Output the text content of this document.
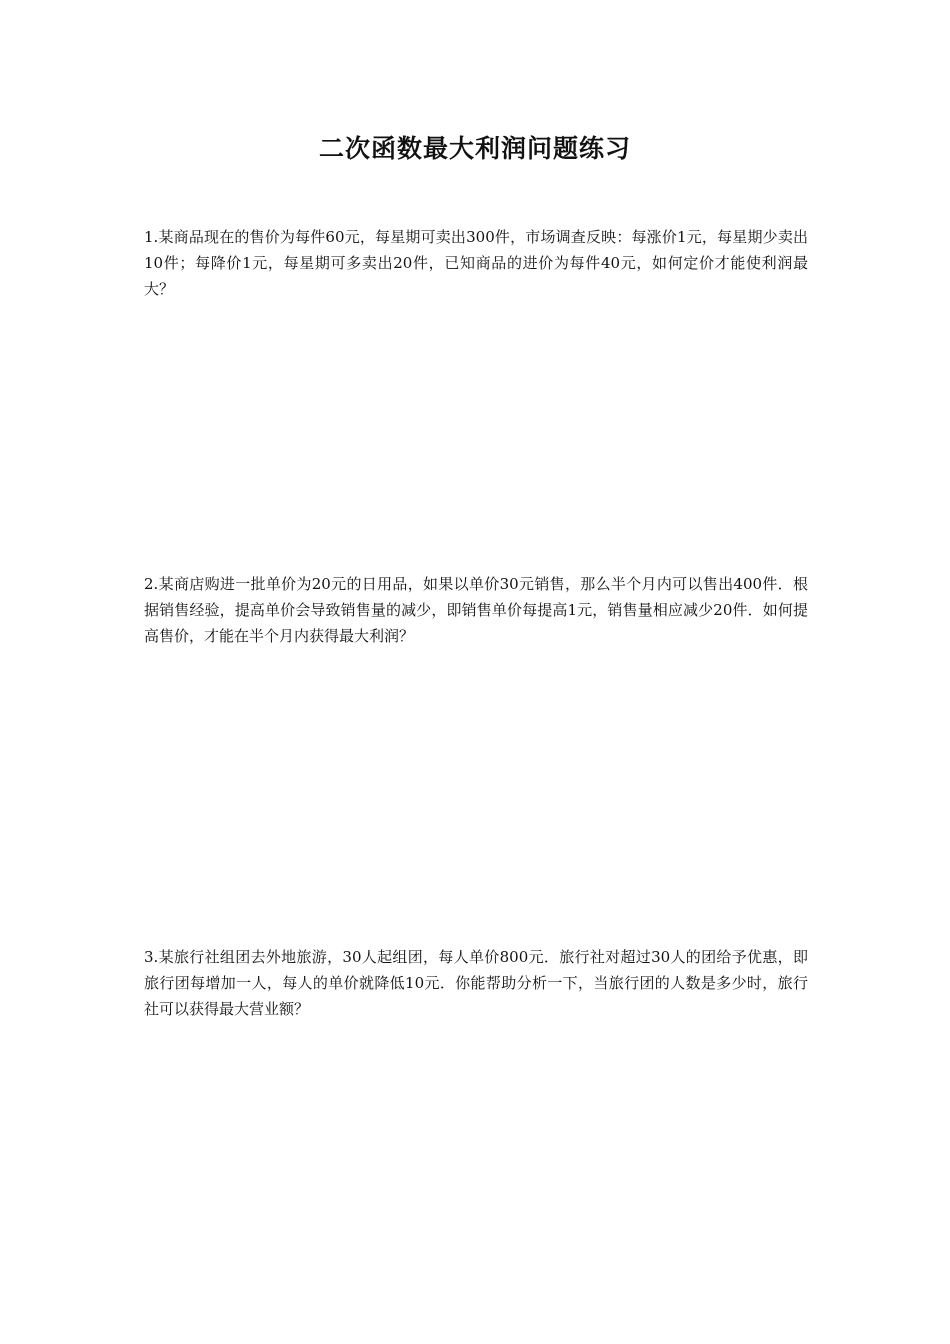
二次函数最大利润问题练习

1.某商品现在的售价为每件60元，每星期可卖出300件，市场调查反映：每涨价1元，每星期少卖出10件；每降价1元，每星期可多卖出20件，已知商品的进价为每件40元，如何定价才能使利润最大？

2.某商店购进一批单价为20元的日用品，如果以单价30元销售，那么半个月内可以售出400件．根据销售经验，提高单价会导致销售量的减少，即销售单价每提高1元，销售量相应减少20件．如何提高售价，才能在半个月内获得最大利润？

3.某旅行社组团去外地旅游，30人起组团，每人单价800元．旅行社对超过30人的团给予优惠，即旅行团每增加一人，每人的单价就降低10元．你能帮助分析一下，当旅行团的人数是多少时，旅行社可以获得最大营业额？
